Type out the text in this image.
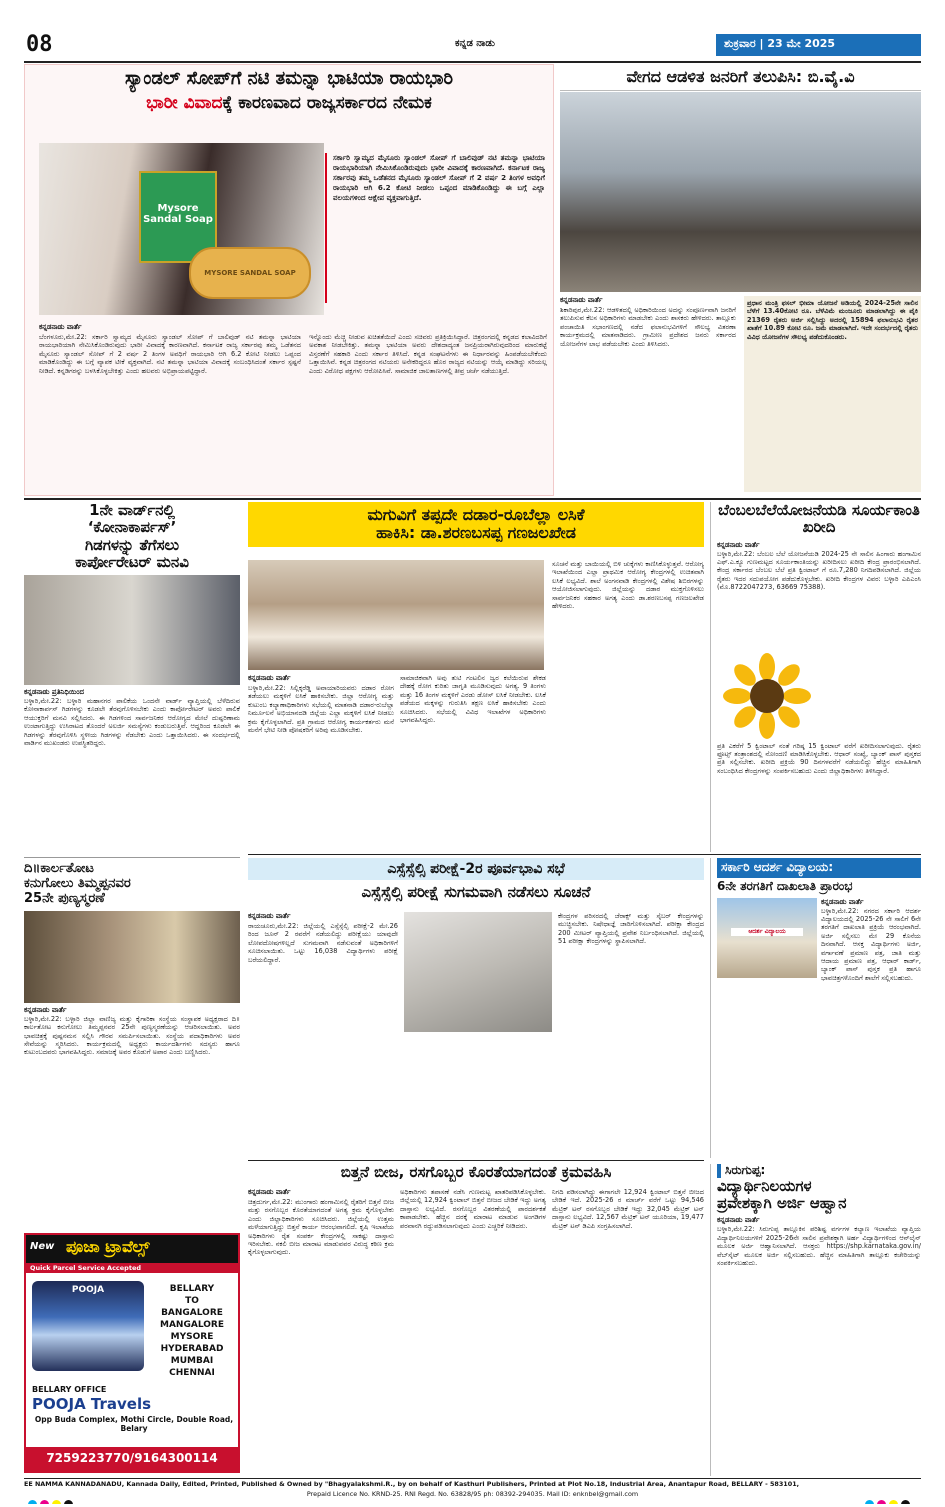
08	ಕನ್ನಡ ನಾಡು	ಶುಕ್ರವಾರ | 23 ಮೇ 2025
ಸ್ಯಾಂಡಲ್ ಸೋಪ್‌ಗೆ ನಟಿ ತಮನ್ನಾ ಭಾಟಿಯಾ ರಾಯಭಾರಿ
ಭಾರೀ ವಿವಾದಕ್ಕೆ ಕಾರಣವಾದ ರಾಜ್ಯಸರ್ಕಾರದ ನೇಮಕ
Mysore Sandal Soap
MYSORE SANDAL SOAP
ಸರ್ಕಾರಿ ಸ್ವಾಮ್ಯದ ಮೈಸೂರು ಸ್ಯಾಂಡಲ್ ಸೋಪ್ ಗೆ ಬಾಲಿವುಡ್ ನಟಿ ತಮನ್ನಾ ಭಾಟಿಯಾ ರಾಯಭಾರಿಯಾಗಿ ನೇಮಿಸಿಕೊಂಡಿರುವುದು ಭಾರೀ ವಿವಾದಕ್ಕೆ ಕಾರಣವಾಗಿದೆ. ಕರ್ನಾಟಕ ರಾಜ್ಯ ಸರ್ಕಾರವು ತಮ್ಮ ಒಡೆತನದ ಮೈಸೂರು ಸ್ಯಾಂಡಲ್ ಸೋಪ್ ಗೆ 2 ವರ್ಷ 2 ತಿಂಗಳ ಅವಧಿಗೆ ರಾಯಭಾರಿ ಆಗಿ 6.2 ಕೋಟಿ ನೀಡಲು ಒಪ್ಪಂದ ಮಾಡಿಕೊಂಡಿದ್ದು ಈ ಬಗ್ಗೆ ಎಲ್ಲಾ ವಲಯಗಳಿಂದ ಆಕ್ಷೇಪ ವ್ಯಕ್ತವಾಗುತ್ತಿದೆ.
ಕನ್ನಡನಾಡು ವಾರ್ತೆ
ಬೆಂಗಳೂರು,ಮೇ.22: ಸರ್ಕಾರಿ ಸ್ವಾಮ್ಯದ ಮೈಸೂರು ಸ್ಯಾಂಡಲ್ ಸೋಪ್ ಗೆ ಬಾಲಿವುಡ್ ನಟಿ ತಮನ್ನಾ ಭಾಟಿಯಾ ರಾಯಭಾರಿಯಾಗಿ ನೇಮಿಸಿಕೊಂಡಿರುವುದು ಭಾರೀ ವಿವಾದಕ್ಕೆ ಕಾರಣವಾಗಿದೆ. ಕರ್ನಾಟಕ ರಾಜ್ಯ ಸರ್ಕಾರವು ತಮ್ಮ ಒಡೆತನದ ಮೈಸೂರು ಸ್ಯಾಂಡಲ್ ಸೋಪ್ ಗೆ 2 ವರ್ಷ 2 ತಿಂಗಳ ಅವಧಿಗೆ ರಾಯಭಾರಿ ಆಗಿ 6.2 ಕೋಟಿ ನೀಡಲು ಒಪ್ಪಂದ ಮಾಡಿಕೊಂಡಿದ್ದು ಈ ಬಗ್ಗೆ ವ್ಯಾಪಕ ಟೀಕೆ ವ್ಯಕ್ತವಾಗಿದೆ. ನಟಿ ತಮನ್ನಾ ಭಾಟಿಯಾ ವಿವಾದಕ್ಕೆ ಸಂಬಂಧಿಸಿದಂತೆ ಸರ್ಕಾರ ಸ್ಪಷ್ಟನೆ ನೀಡಿದೆ. ಕನ್ನಡಿಗರನ್ನು ಬಳಸಿಕೊಳ್ಳಬೇಕಿತ್ತು ಎಂದು ಹಲವರು ಅಭಿಪ್ರಾಯಪಟ್ಟಿದ್ದಾರೆ.
ಇನ್ನೊಂದು ಮೆಚ್ಚಿ ನೀಡುವ ಖಚಿತತೆಯಿದೆ ಎಂದು ಸಚಿವರು ಪ್ರತಿಕ್ರಿಯಿಸಿದ್ದಾರೆ. ಚಿತ್ರರಂಗದಲ್ಲಿ ಕನ್ನಡದ ಕಲಾವಿದರಿಗೆ ಅವಕಾಶ ನೀಡಬೇಕಿತ್ತು. ತಮನ್ನಾ ಭಾಟಿಯಾ ಅವರು ದೇಶದಾದ್ಯಂತ ಜನಪ್ರಿಯರಾಗಿರುವುದರಿಂದ ಮಾರುಕಟ್ಟೆ ವಿಸ್ತರಣೆಗೆ ಸಹಕಾರಿ ಎಂದು ಸರ್ಕಾರ ತಿಳಿಸಿದೆ. ಕನ್ನಡ ಸಂಘಟನೆಗಳು ಈ ನಿರ್ಧಾರವನ್ನು ಹಿಂಪಡೆಯಬೇಕೆಂದು ಒತ್ತಾಯಿಸಿವೆ. ಕನ್ನಡ ಚಿತ್ರರಂಗದ ನಟಿಯರು ಅನೇಕರಿದ್ದರೂ ಹೊರ ರಾಜ್ಯದ ನಟಿಯನ್ನು ಆಯ್ಕೆ ಮಾಡಿದ್ದು ಸರಿಯಲ್ಲ ಎಂದು ವಿರೋಧ ಪಕ್ಷಗಳು ಆರೋಪಿಸಿವೆ. ಸಾಮಾಜಿಕ ಜಾಲತಾಣಗಳಲ್ಲಿ ತೀವ್ರ ಚರ್ಚೆ ನಡೆಯುತ್ತಿದೆ.
ವೇಗದ ಆಡಳಿತ ಜನರಿಗೆ ತಲುಪಿಸಿ: ಬಿ.ವೈ.ವಿ
ಕನ್ನಡನಾಡು ವಾರ್ತೆ
ಶಿಕಾರಿಪುರ,ಮೇ.22: ಆಡಳಿತದಲ್ಲಿ ಅಧಿಕಾರಿಯಿಂದ ಅದನ್ನು ಸಂಪೂರ್ಣವಾಗಿ ಜನರಿಗೆ ತಲುಪಿಸುವ ಕೆಲಸ ಅಧಿಕಾರಿಗಳು ಮಾಡಬೇಕು ಎಂದು ಶಾಸಕರು ಹೇಳಿದರು. ತಾಲ್ಲೂಕು ಪಂಚಾಯಿತಿ ಸಭಾಂಗಣದಲ್ಲಿ ನಡೆದ ಫಲಾನುಭವಿಗಳಿಗೆ ಸೌಲಭ್ಯ ವಿತರಣಾ ಕಾರ್ಯಕ್ರಮದಲ್ಲಿ ಮಾತನಾಡಿದರು. ಗ್ರಾಮೀಣ ಪ್ರದೇಶದ ಜನರು ಸರ್ಕಾರದ ಯೋಜನೆಗಳ ಲಾಭ ಪಡೆಯಬೇಕು ಎಂದು ತಿಳಿಸಿದರು.
ಪ್ರಧಾನ ಮಂತ್ರಿ ಫಸಲ್ ಭೀಮಾ ಯೋಜನೆ ಅಡಿಯಲ್ಲಿ 2024-25ನೇ ಸಾಲಿನ ಬೆಳೆಗೆ 13.40ಕೋಟಿ ರೂ. ಬೆಳೆವಿಮೆ ಮಂಜೂರು ಮಾಡಲಾಗಿದ್ದು ಈ ಪೈಕಿ 21369 ರೈತರು ಅರ್ಜಿ ಸಲ್ಲಿಸಿದ್ದು ಅದರಲ್ಲಿ 15894 ಫಲಾನುಭವಿ ರೈತರ ಖಾತೆಗೆ 10.89 ಕೋಟಿ ರೂ. ಜಮೆ ಮಾಡಲಾಗಿದೆ. ಇದೇ ಸಂದರ್ಭದಲ್ಲಿ ರೈತರು ವಿವಿಧ ಯೋಜನೆಗಳ ಸೌಲಭ್ಯ ಪಡೆದುಕೊಂಡರು.
1ನೇ ವಾರ್ಡ್‌ನಲ್ಲಿ
‘ಕೋನಾಕಾರ್ಪಸ್’
ಗಿಡಗಳನ್ನು ತೆಗೆಸಲು
ಕಾರ್ಪೋರೇಟರ್ ಮನವಿ
ಕನ್ನಡನಾಡು ಪ್ರತಿನಿಧಿಯಿಂದ
ಬಳ್ಳಾರಿ,ಮೇ.22: ಬಳ್ಳಾರಿ ಮಹಾನಗರ ಪಾಲಿಕೆಯ ಒಂದನೇ ವಾರ್ಡ್ ವ್ಯಾಪ್ತಿಯಲ್ಲಿ ಬೆಳೆದಿರುವ ಕೋನಾಕಾರ್ಪಸ್ ಗಿಡಗಳನ್ನು ಕೂಡಲೇ ತೆರವುಗೊಳಿಸಬೇಕು ಎಂದು ಕಾರ್ಪೋರೇಟರ್ ಅವರು ಪಾಲಿಕೆ ಆಯುಕ್ತರಿಗೆ ಮನವಿ ಸಲ್ಲಿಸಿದರು. ಈ ಗಿಡಗಳಿಂದ ಸಾರ್ವಜನಿಕರ ಆರೋಗ್ಯದ ಮೇಲೆ ದುಷ್ಪರಿಣಾಮ ಉಂಟಾಗುತ್ತಿದ್ದು ಉಸಿರಾಟದ ತೊಂದರೆ ಅಲರ್ಜಿ ಸಮಸ್ಯೆಗಳು ಕಂಡುಬರುತ್ತಿವೆ. ಆದ್ದರಿಂದ ಕೂಡಲೇ ಈ ಗಿಡಗಳನ್ನು ತೆರವುಗೊಳಿಸಿ ಸ್ಥಳೀಯ ಗಿಡಗಳನ್ನು ನೆಡಬೇಕು ಎಂದು ಒತ್ತಾಯಿಸಿದರು. ಈ ಸಂದರ್ಭದಲ್ಲಿ ವಾರ್ಡಿನ ಮುಖಂಡರು ಉಪಸ್ಥಿತರಿದ್ದರು.
ದಿ॥ಕಾರ್ಲತೋಟ
ಕನುಗೋಲು ತಿಮ್ಮಪ್ಪನವರ
25ನೇ ಪುಣ್ಯಸ್ಮರಣೆ
ಕನ್ನಡನಾಡು ವಾರ್ತೆ
ಬಳ್ಳಾರಿ,ಮೇ.22: ಬಳ್ಳಾರಿ ಜಿಲ್ಲಾ ವಾಣಿಜ್ಯ ಮತ್ತು ಕೈಗಾರಿಕಾ ಸಂಸ್ಥೆಯ ಸಂಸ್ಥಾಪಕ ಅಧ್ಯಕ್ಷರಾದ ದಿ॥ ಕಾರ್ಲತೋಟ ಕನುಗೋಲು ತಿಮ್ಮಪ್ಪನವರ 25ನೇ ಪುಣ್ಯಸ್ಮರಣೆಯನ್ನು ಆಚರಿಸಲಾಯಿತು. ಅವರ ಭಾವಚಿತ್ರಕ್ಕೆ ಪುಷ್ಪನಮನ ಸಲ್ಲಿಸಿ ಗೌರವ ಸಮರ್ಪಿಸಲಾಯಿತು. ಸಂಸ್ಥೆಯ ಪದಾಧಿಕಾರಿಗಳು ಅವರ ಸೇವೆಯನ್ನು ಸ್ಮರಿಸಿದರು. ಕಾರ್ಯಕ್ರಮದಲ್ಲಿ ಅಧ್ಯಕ್ಷರು ಕಾರ್ಯದರ್ಶಿಗಳು ಸದಸ್ಯರು ಹಾಗೂ ಕುಟುಂಬದವರು ಭಾಗವಹಿಸಿದ್ದರು. ಸಮಾಜಕ್ಕೆ ಅವರ ಕೊಡುಗೆ ಅಪಾರ ಎಂದು ಬಣ್ಣಿಸಿದರು.
New ಪೂಜಾ ಟ್ರಾವೆಲ್ಸ್
Quick Parcel Service Accepted
POOJA	BELLARY
TO
BANGALORE
MANGALORE
MYSORE
HYDERABAD
MUMBAI
CHENNAI
BELLARY OFFICE
POOJA Travels
Opp Buda Complex, Mothi Circle, Double Road, Belary
7259223770/9164300114
ಮಗುವಿಗೆ ತಪ್ಪದೇ ದಡಾರ-ರೂಬೆಲ್ಲಾ ಲಸಿಕೆ
ಹಾಕಿಸಿ: ಡಾ.ಶರಣಬಸಪ್ಪ ಗಣಜಲಖೇಡ
ಕನ್ನಡನಾಡು ವಾರ್ತೆ
ಬಳ್ಳಾರಿ,ಮೇ.22: ಸಿಲ್ಲಿಕ್ಕರೆಡ್ಡಿ ಅವಾಯಾರಿಯವರು ದಡಾರ ರೋಗ ತಡೆಯಲು ಮಕ್ಕಳಿಗೆ ಲಸಿಕೆ ಹಾಕಿಸಬೇಕು. ಜಿಲ್ಲಾ ಆರೋಗ್ಯ ಮತ್ತು ಕುಟುಂಬ ಕಲ್ಯಾಣಾಧಿಕಾರಿಗಳು ಸಭೆಯಲ್ಲಿ ಮಾತನಾಡಿ ದಡಾರ-ರುಬೆಲ್ಲಾ ನಿರ್ಮೂಲನೆ ಅಭಿಯಾನದಡಿ ಜಿಲ್ಲೆಯ ಎಲ್ಲಾ ಮಕ್ಕಳಿಗೆ ಲಸಿಕೆ ನೀಡಲು ಕ್ರಮ ಕೈಗೊಳ್ಳಲಾಗಿದೆ. ಪ್ರತಿ ಗ್ರಾಮದ ಆರೋಗ್ಯ ಕಾರ್ಯಕರ್ತರು ಮನೆ ಮನೆಗೆ ಭೇಟಿ ನೀಡಿ ಪೋಷಕರಿಗೆ ಅರಿವು ಮೂಡಿಸಬೇಕು.
ಸಾಮಾಜಿಕವಾಗಿ ಅವು ತುಟಿ ಗಂಟಲಿನ ಜ್ವರ ಕಲೆಯಿರುವ ಶೇಕಡ ದೇಹಕ್ಕೆ ರೋಗ ಕುರಿತು ಜಾಗೃತಿ ಮೂಡಿಸುವುದು ಅಗತ್ಯ. 9 ತಿಂಗಳು ಮತ್ತು 16 ತಿಂಗಳ ಮಕ್ಕಳಿಗೆ ಎರಡು ಡೋಸ್ ಲಸಿಕೆ ನೀಡಬೇಕು. ಲಸಿಕೆ ಪಡೆಯದ ಮಕ್ಕಳನ್ನು ಗುರುತಿಸಿ ತಕ್ಷಣ ಲಸಿಕೆ ಹಾಕಿಸಬೇಕು ಎಂದು ಸೂಚಿಸಿದರು. ಸಭೆಯಲ್ಲಿ ವಿವಿಧ ಇಲಾಖೆಗಳ ಅಧಿಕಾರಿಗಳು ಭಾಗವಹಿಸಿದ್ದರು.
ಸೂಚನೆ ಮತ್ತು ಬಾಯಿಯಲ್ಲಿ ಬಿಳಿ ಚುಕ್ಕೆಗಳು ಕಾಣಿಸಿಕೊಳ್ಳುತ್ತವೆ. ಆರೋಗ್ಯ ಇಲಾಖೆಯಿಂದ ಎಲ್ಲಾ ಪ್ರಾಥಮಿಕ ಆರೋಗ್ಯ ಕೇಂದ್ರಗಳಲ್ಲಿ ಉಚಿತವಾಗಿ ಲಸಿಕೆ ಲಭ್ಯವಿದೆ. ಶಾಲೆ ಅಂಗನವಾಡಿ ಕೇಂದ್ರಗಳಲ್ಲಿ ವಿಶೇಷ ಶಿಬಿರಗಳನ್ನು ಆಯೋಜಿಸಲಾಗುವುದು. ಜಿಲ್ಲೆಯನ್ನು ದಡಾರ ಮುಕ್ತಗೊಳಿಸಲು ಸಾರ್ವಜನಿಕರ ಸಹಕಾರ ಅಗತ್ಯ ಎಂದು ಡಾ.ಶರಣಬಸಪ್ಪ ಗಣಜಲಖೇಡ ಹೇಳಿದರು.
ಬೆಂಬಲಬೆಲೆಯೋಜನೆಯಡಿ ಸೂರ್ಯಕಾಂತಿ ಖರೀದಿ
ಕನ್ನಡನಾಡು ವಾರ್ತೆ
ಬಳ್ಳಾರಿ,ಮೇ.22: ಬೆಂಬಲ ಬೆಲೆ ಯೋಜನೆಯಡಿ 2024-25 ನೇ ಸಾಲಿನ ಹಿಂಗಾರು ಹಂಗಾಮಿನ ಎಫ್.ಎ.ಕ್ಯೂ ಗುಣಮಟ್ಟದ ಸೂರ್ಯಕಾಂತಿಯನ್ನು ಖರೀದಿಸಲು ಖರೀದಿ ಕೇಂದ್ರ ಪ್ರಾರಂಭಿಸಲಾಗಿದೆ. ಕೇಂದ್ರ ಸರ್ಕಾರದ ಬೆಂಬಲ ಬೆಲೆ ಪ್ರತಿ ಕ್ವಿಂಟಾಲ್ ಗೆ ರೂ.7,280 ನಿಗದಿಪಡಿಸಲಾಗಿದೆ. ಜಿಲ್ಲೆಯ ರೈತರು ಇದರ ಸದುಪಯೋಗ ಪಡೆದುಕೊಳ್ಳಬೇಕು. ಖರೀದಿ ಕೇಂದ್ರಗಳ ವಿವರ: ಬಳ್ಳಾರಿ ಎಪಿಎಂಸಿ (ಮೊ.8722047273, 63669 75388).
ಪ್ರತಿ ಎಕರೆಗೆ 5 ಕ್ವಿಂಟಾಲ್ ನಂತೆ ಗರಿಷ್ಠ 15 ಕ್ವಿಂಟಾಲ್ ವರೆಗೆ ಖರೀದಿಸಲಾಗುವುದು. ರೈತರು ಫ್ರೂಟ್ಸ್ ತಂತ್ರಾಂಶದಲ್ಲಿ ನೋಂದಣಿ ಮಾಡಿಸಿಕೊಳ್ಳಬೇಕು. ಆಧಾರ್ ಸಂಖ್ಯೆ, ಬ್ಯಾಂಕ್ ಪಾಸ್ ಪುಸ್ತಕದ ಪ್ರತಿ ಸಲ್ಲಿಸಬೇಕು. ಖರೀದಿ ಪ್ರಕ್ರಿಯೆ 90 ದಿನಗಳವರೆಗೆ ನಡೆಯಲಿದ್ದು ಹೆಚ್ಚಿನ ಮಾಹಿತಿಗಾಗಿ ಸಂಬಂಧಿಸಿದ ಕೇಂದ್ರಗಳನ್ನು ಸಂಪರ್ಕಿಸಬಹುದು ಎಂದು ಜಿಲ್ಲಾಧಿಕಾರಿಗಳು ತಿಳಿಸಿದ್ದಾರೆ.
ಎಸ್ಸೆಸ್ಸೆಲ್ಸಿ ಪರೀಕ್ಷೆ-2ರ ಪೂರ್ವಭಾವಿ ಸಭೆ
ಎಸ್ಸೆಸ್ಸೆಲ್ಸಿ ಪರೀಕ್ಷೆ ಸುಗಮವಾಗಿ ನಡೆಸಲು ಸೂಚನೆ
ಕನ್ನಡನಾಡು ವಾರ್ತೆ
ರಾಯಚೂರು,ಮೇ.22: ಜಿಲ್ಲೆಯಲ್ಲಿ ಎಸ್ಸೆಸ್ಸೆಲ್ಸಿ ಪರೀಕ್ಷೆ-2 ಮೇ.26 ರಿಂದ ಜೂನ್ 2 ರವರೆಗೆ ನಡೆಯಲಿದ್ದು ಪರೀಕ್ಷೆಯು ಯಾವುದೇ ಲೋಪದೋಷಗಳಿಲ್ಲದೆ ಸುಗಮವಾಗಿ ನಡೆಸುವಂತೆ ಅಧಿಕಾರಿಗಳಿಗೆ ಸೂಚಿಸಲಾಯಿತು. ಒಟ್ಟು 16,038 ವಿದ್ಯಾರ್ಥಿಗಳು ಪರೀಕ್ಷೆ ಬರೆಯಲಿದ್ದಾರೆ.
ಕೇಂದ್ರಗಳ ಪರಿಸರದಲ್ಲಿ ಜೆರಾಕ್ಸ್ ಮತ್ತು ಸೈಬರ್ ಕೇಂದ್ರಗಳನ್ನು ಮುಚ್ಚಿಸಬೇಕು. ನಿಷೇಧಾಜ್ಞೆ ಜಾರಿಗೊಳಿಸಲಾಗಿದೆ. ಪರೀಕ್ಷಾ ಕೇಂದ್ರದ 200 ಮೀಟರ್ ವ್ಯಾಪ್ತಿಯಲ್ಲಿ ಪ್ರವೇಶ ನಿರ್ಬಂಧಿಸಲಾಗಿದೆ. ಜಿಲ್ಲೆಯಲ್ಲಿ 51 ಪರೀಕ್ಷಾ ಕೇಂದ್ರಗಳನ್ನು ಸ್ಥಾಪಿಸಲಾಗಿದೆ.
ಸರ್ಕಾರಿ ಆದರ್ಶ ವಿದ್ಯಾಲಯ:
6ನೇ ತರಗತಿಗೆ ದಾಖಲಾತಿ ಪ್ರಾರಂಭ
ಆದರ್ಶ ವಿದ್ಯಾಲಯ
ಕನ್ನಡನಾಡು ವಾರ್ತೆ
ಬಳ್ಳಾರಿ,ಮೇ.22: ನಗರದ ಸರ್ಕಾರಿ ಆದರ್ಶ ವಿದ್ಯಾಲಯದಲ್ಲಿ 2025-26 ನೇ ಸಾಲಿಗೆ 6ನೇ ತರಗತಿಗೆ ದಾಖಲಾತಿ ಪ್ರಕ್ರಿಯೆ ಆರಂಭವಾಗಿದೆ. ಅರ್ಜಿ ಸಲ್ಲಿಸಲು ಮೇ 29 ಕೊನೆಯ ದಿನವಾಗಿದೆ. ಆಸಕ್ತ ವಿದ್ಯಾರ್ಥಿಗಳು ಅರ್ಜಿ, ವರ್ಗಾವಣೆ ಪ್ರಮಾಣ ಪತ್ರ, ಜಾತಿ ಮತ್ತು ಆದಾಯ ಪ್ರಮಾಣ ಪತ್ರ, ಆಧಾರ್ ಕಾರ್ಡ್, ಬ್ಯಾಂಕ್ ಪಾಸ್ ಪುಸ್ತಕ ಪ್ರತಿ ಹಾಗೂ ಭಾವಚಿತ್ರಗಳೊಂದಿಗೆ ಶಾಲೆಗೆ ಸಲ್ಲಿಸಬಹುದು.
ಬಿತ್ತನೆ ಬೀಜ, ರಸಗೊಬ್ಬರ ಕೊರತೆಯಾಗದಂತೆ ಕ್ರಮವಹಿಸಿ
ಕನ್ನಡನಾಡು ವಾರ್ತೆ
ಚಿತ್ರದುರ್ಗ,ಮೇ.22: ಮುಂಗಾರು ಹಂಗಾಮಿನಲ್ಲಿ ರೈತರಿಗೆ ಬಿತ್ತನೆ ಬೀಜ ಮತ್ತು ರಸಗೊಬ್ಬರ ಕೊರತೆಯಾಗದಂತೆ ಅಗತ್ಯ ಕ್ರಮ ಕೈಗೊಳ್ಳಬೇಕು ಎಂದು ಜಿಲ್ಲಾಧಿಕಾರಿಗಳು ಸೂಚಿಸಿದರು. ಜಿಲ್ಲೆಯಲ್ಲಿ ಉತ್ತಮ ಮಳೆಯಾಗುತ್ತಿದ್ದು ಬಿತ್ತನೆ ಕಾರ್ಯ ಆರಂಭವಾಗಲಿದೆ. ಕೃಷಿ ಇಲಾಖೆಯ ಅಧಿಕಾರಿಗಳು ರೈತ ಸಂಪರ್ಕ ಕೇಂದ್ರಗಳಲ್ಲಿ ಸಾಕಷ್ಟು ದಾಸ್ತಾನು ಇರಿಸಬೇಕು. ನಕಲಿ ಬೀಜ ಮಾರಾಟ ಮಾಡುವವರ ವಿರುದ್ಧ ಕಠಿಣ ಕ್ರಮ ಕೈಗೊಳ್ಳಲಾಗುವುದು.
ಅಧಿಕಾರಿಗಳು ತಪಾಸಣೆ ನಡೆಸಿ ಗುಣಮಟ್ಟ ಖಾತರಿಪಡಿಸಿಕೊಳ್ಳಬೇಕು. ಜಿಲ್ಲೆಯಲ್ಲಿ 12,924 ಕ್ವಿಂಟಾಲ್ ಬಿತ್ತನೆ ಬೀಜದ ಬೇಡಿಕೆ ಇದ್ದು ಅಗತ್ಯ ದಾಸ್ತಾನು ಲಭ್ಯವಿದೆ. ರಸಗೊಬ್ಬರ ವಿತರಣೆಯಲ್ಲಿ ಪಾರದರ್ಶಕತೆ ಕಾಪಾಡಬೇಕು. ಹೆಚ್ಚಿನ ದರಕ್ಕೆ ಮಾರಾಟ ಮಾಡುವ ಅಂಗಡಿಗಳ ಪರವಾನಗಿ ರದ್ದುಪಡಿಸಲಾಗುವುದು ಎಂದು ಎಚ್ಚರಿಕೆ ನೀಡಿದರು.
ನಿಗದಿ ಪಡಿಸಲಾಗಿದ್ದು ಈಗಾಗಲೇ 12,924 ಕ್ವಿಂಟಾಲ್ ಬಿತ್ತನೆ ಬೀಜದ ಬೇಡಿಕೆ ಇದೆ. 2025-26 ರ ಮಾರ್ಚ್ ವರೆಗೆ ಒಟ್ಟು 94,546 ಮೆಟ್ರಿಕ್ ಟನ್ ರಸಗೊಬ್ಬರ ಬೇಡಿಕೆ ಇದ್ದು 32,045 ಮೆಟ್ರಿಕ್ ಟನ್ ದಾಸ್ತಾನು ಲಭ್ಯವಿದೆ. 12,567 ಮೆಟ್ರಿಕ್ ಟನ್ ಯೂರಿಯಾ, 19,477 ಮೆಟ್ರಿಕ್ ಟನ್ ಡಿಎಪಿ ಸಂಗ್ರಹಿಸಲಾಗಿದೆ.
ಸಿರುಗುಪ್ಪ:
ವಿದ್ಯಾರ್ಥಿನಿಲಯಗಳ
ಪ್ರವೇಶಕ್ಕಾಗಿ ಅರ್ಜಿ ಆಹ್ವಾನ
ಕನ್ನಡನಾಡು ವಾರ್ತೆ
ಬಳ್ಳಾರಿ,ಮೇ.22: ಸಿರುಗುಪ್ಪ ತಾಲ್ಲೂಕಿನ ಪರಿಶಿಷ್ಟ ವರ್ಗಗಳ ಕಲ್ಯಾಣ ಇಲಾಖೆಯ ವ್ಯಾಪ್ತಿಯ ವಿದ್ಯಾರ್ಥಿನಿಲಯಗಳಿಗೆ 2025-26ನೇ ಸಾಲಿನ ಪ್ರವೇಶಕ್ಕಾಗಿ ಅರ್ಹ ವಿದ್ಯಾರ್ಥಿಗಳಿಂದ ಆನ್‌ಲೈನ್ ಮೂಲಕ ಅರ್ಜಿ ಆಹ್ವಾನಿಸಲಾಗಿದೆ. ಆಸಕ್ತರು https://shp.karnataka.gov.in/ ವೆಬ್‌ಸೈಟ್ ಮೂಲಕ ಅರ್ಜಿ ಸಲ್ಲಿಸಬಹುದು. ಹೆಚ್ಚಿನ ಮಾಹಿತಿಗಾಗಿ ತಾಲ್ಲೂಕು ಕಚೇರಿಯನ್ನು ಸಂಪರ್ಕಿಸಬಹುದು.
EE NAMMA KANNADANADU, Kannada Daily, Edited, Printed, Published & Owned by "Bhagyalakshmi.R., by on behalf of Kasthuri Publishers, Printed at Plot No.18, Industrial Area, Anantapur Road, BELLARY - 583101,
Prepaid Licence No. KRND-25. RNI Regd. No. 63828/95 ph: 08392-294035. Mail ID: enknbel@gmail.com
